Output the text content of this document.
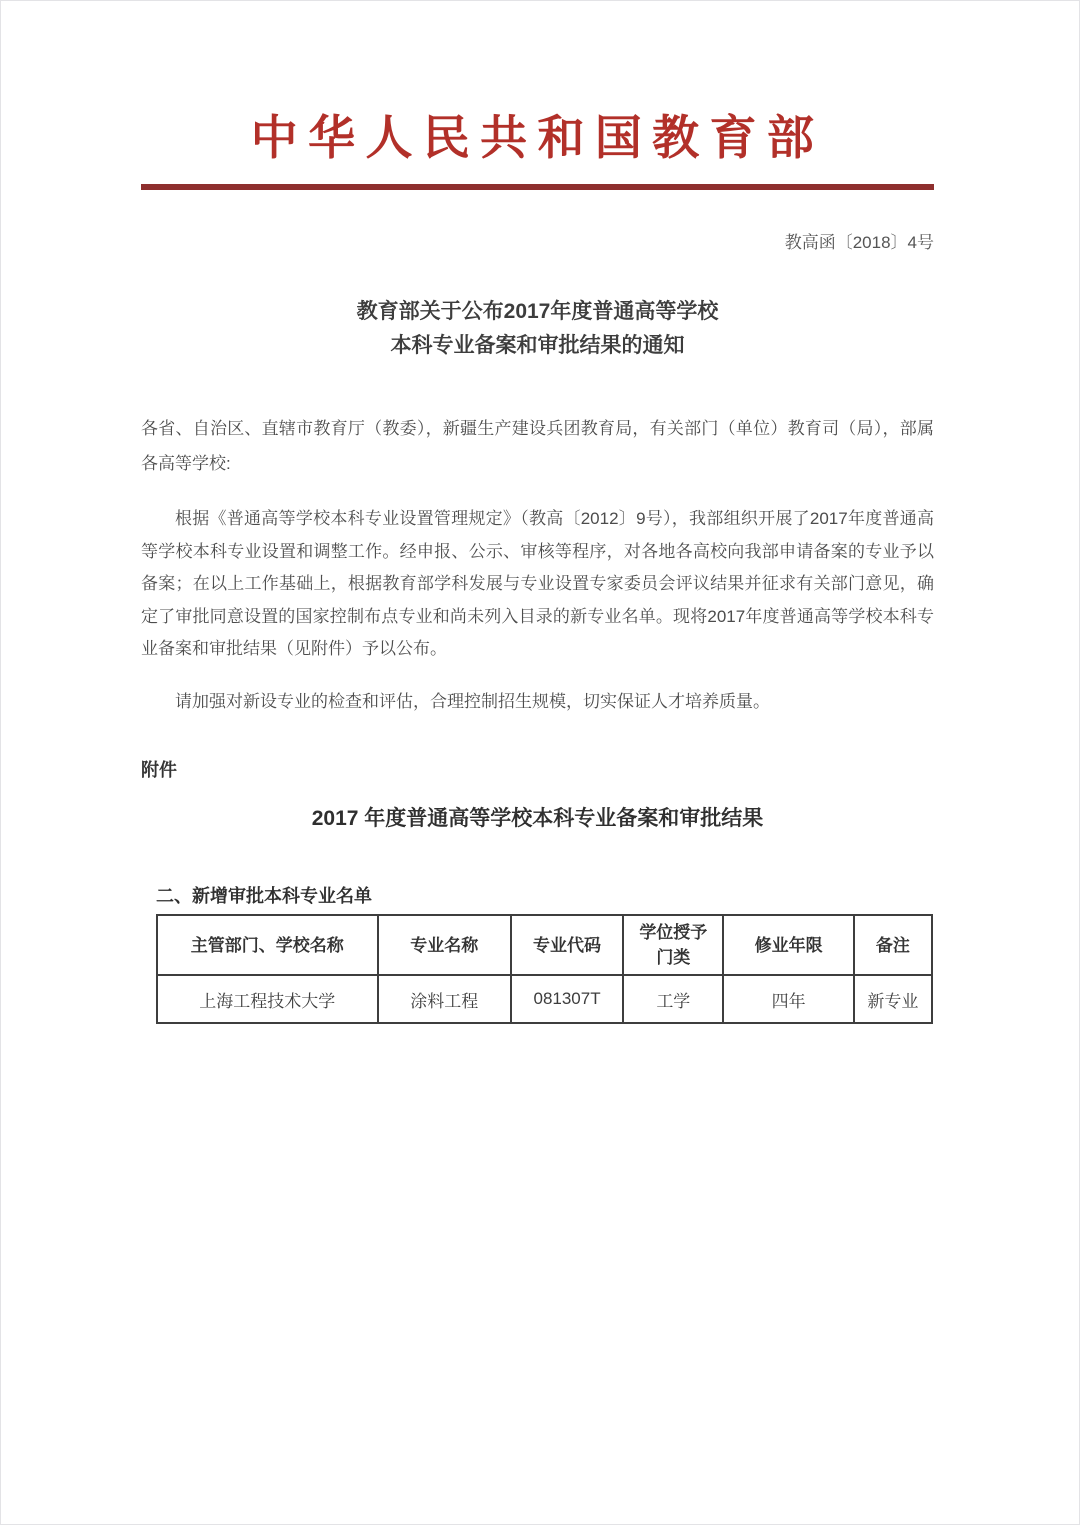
中华人民共和国教育部
教高函〔2018〕4号
教育部关于公布2017年度普通高等学校
本科专业备案和审批结果的通知

各省、自治区、直辖市教育厅（教委），新疆生产建设兵团教育局，有关部门（单位）教育司（局），部属各高等学校:

根据《普通高等学校本科专业设置管理规定》（教高〔2012〕9号），我部组织开展了2017年度普通高等学校本科专业设置和调整工作。经申报、公示、审核等程序，对各地各高校向我部申请备案的专业予以备案；在以上工作基础上，根据教育部学科发展与专业设置专家委员会评议结果并征求有关部门意见，确定了审批同意设置的国家控制布点专业和尚未列入目录的新专业名单。现将2017年度普通高等学校本科专业备案和审批结果（见附件）予以公布。

请加强对新设专业的检查和评估，合理控制招生规模，切实保证人才培养质量。

附件
2017 年度普通高等学校本科专业备案和审批结果
二、新增审批本科专业名单
主管部门、学校名称	专业名称	专业代码	学位授予门类	修业年限	备注
上海工程技术大学	涂料工程	081307T	工学	四年	新专业
